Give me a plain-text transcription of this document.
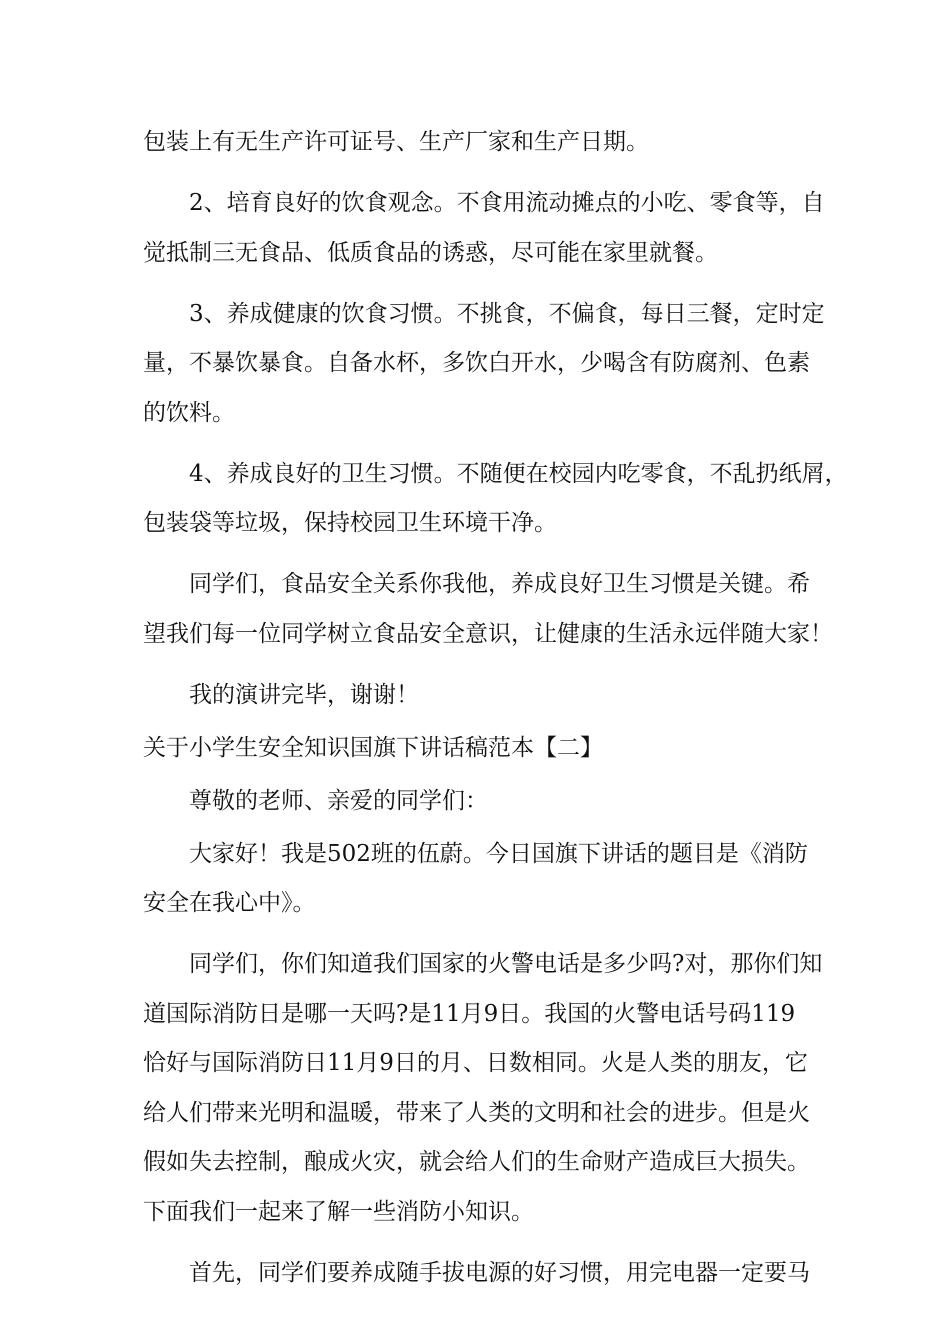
包装上有无生产许可证号、生产厂家和生产日期。

2、培育良好的饮食观念。不食用流动摊点的小吃、零食等，自

觉抵制三无食品、低质食品的诱惑，尽可能在家里就餐。

3、养成健康的饮食习惯。不挑食，不偏食，每日三餐，定时定

量，不暴饮暴食。自备水杯，多饮白开水，少喝含有防腐剂、色素

的饮料。

4、养成良好的卫生习惯。不随便在校园内吃零食，不乱扔纸屑，

包装袋等垃圾，保持校园卫生环境干净。

同学们，食品安全关系你我他，养成良好卫生习惯是关键。希

望我们每一位同学树立食品安全意识，让健康的生活永远伴随大家！

我的演讲完毕，谢谢！

关于小学生安全知识国旗下讲话稿范本【二】

尊敬的老师、亲爱的同学们：

大家好！我是502班的伍蔚。今日国旗下讲话的题目是《消防

安全在我心中》。

同学们，你们知道我们国家的火警电话是多少吗?对，那你们知

道国际消防日是哪一天吗?是11月9日。我国的火警电话号码119

恰好与国际消防日11月9日的月、日数相同。火是人类的朋友，它

给人们带来光明和温暖，带来了人类的文明和社会的进步。但是火

假如失去控制，酿成火灾，就会给人们的生命财产造成巨大损失。

下面我们一起来了解一些消防小知识。

首先，同学们要养成随手拔电源的好习惯，用完电器一定要马
